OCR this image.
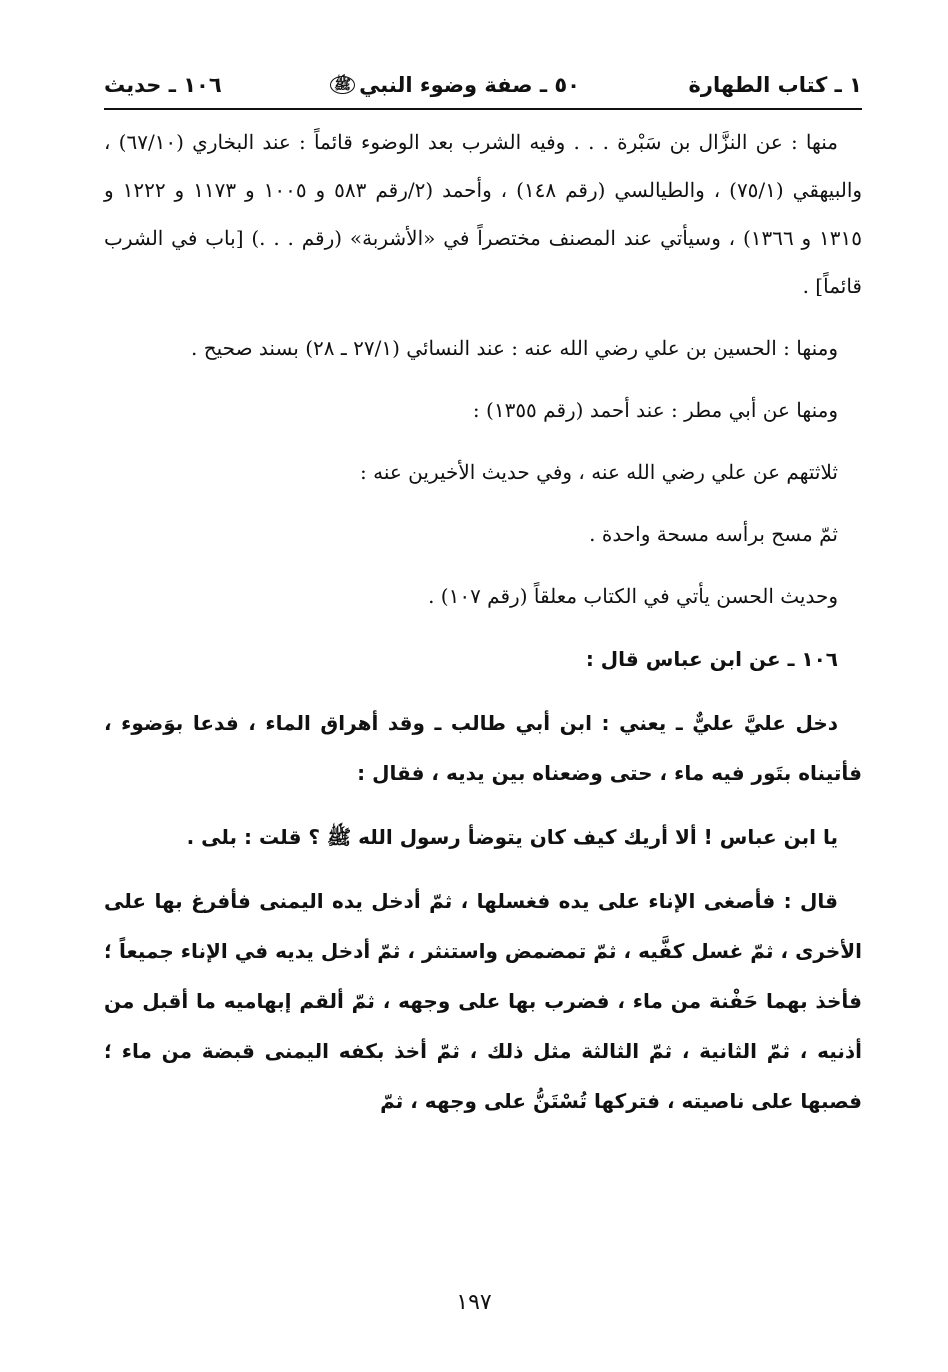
١ ـ كتاب الطهارة
٥٠ ـ صفة وضوء النبي
ﷺ
١٠٦ ـ حديث

منها : عن النزَّال بن سَبْرة . . . وفيه الشرب بعد الوضوء قائماً : عند البخاري (٦٧/١٠) ، والبيهقي (٧٥/١) ، والطيالسي (رقم ١٤٨) ، وأحمد (٢/رقم ٥٨٣ و ١٠٠٥ و ١١٧٣ و ١٢٢٢ و ١٣١٥ و ١٣٦٦) ، وسيأتي عند المصنف مختصراً في «الأشربة» (رقم . . .) [باب في الشرب قائماً] .

ومنها : الحسين بن علي رضي الله عنه : عند النسائي (٢٧/١ ـ ٢٨) بسند صحيح .

ومنها عن أبي مطر : عند أحمد (رقم ١٣٥٥) :

ثلاثتهم عن علي رضي الله عنه ، وفي حديث الأخيرين عنه :

ثمّ مسح برأسه مسحة واحدة .

وحديث الحسن يأتي في الكتاب معلقاً (رقم ١٠٧) .

١٠٦ ـ عن ابن عباس قال :

دخل عليَّ عليٌّ ـ يعني : ابن أبي طالب ـ وقد أهراق الماء ، فدعا بوَضوء ، فأتيناه بتَور فيه ماء ، حتى وضعناه بين يديه ، فقال :

يا ابن عباس ! ألا أريك كيف كان يتوضأ رسول الله ﷺ ؟ قلت : بلى .

قال : فأصغى الإناء على يده فغسلها ، ثمّ أدخل يده اليمنى فأفرغ بها على الأخرى ، ثمّ غسل كفَّيه ، ثمّ تمضمض واستنثر ، ثمّ أدخل يديه في الإناء جميعاً ؛ فأخذ بهما حَفْنة من ماء ، فضرب بها على وجهه ، ثمّ ألقم إبهاميه ما أقبل من أذنيه ، ثمّ الثانية ، ثمّ الثالثة مثل ذلك ، ثمّ أخذ بكفه اليمنى قبضة من ماء ؛ فصبها على ناصيته ، فتركها تُسْتَنُّ على وجهه ، ثمّ

١٩٧
